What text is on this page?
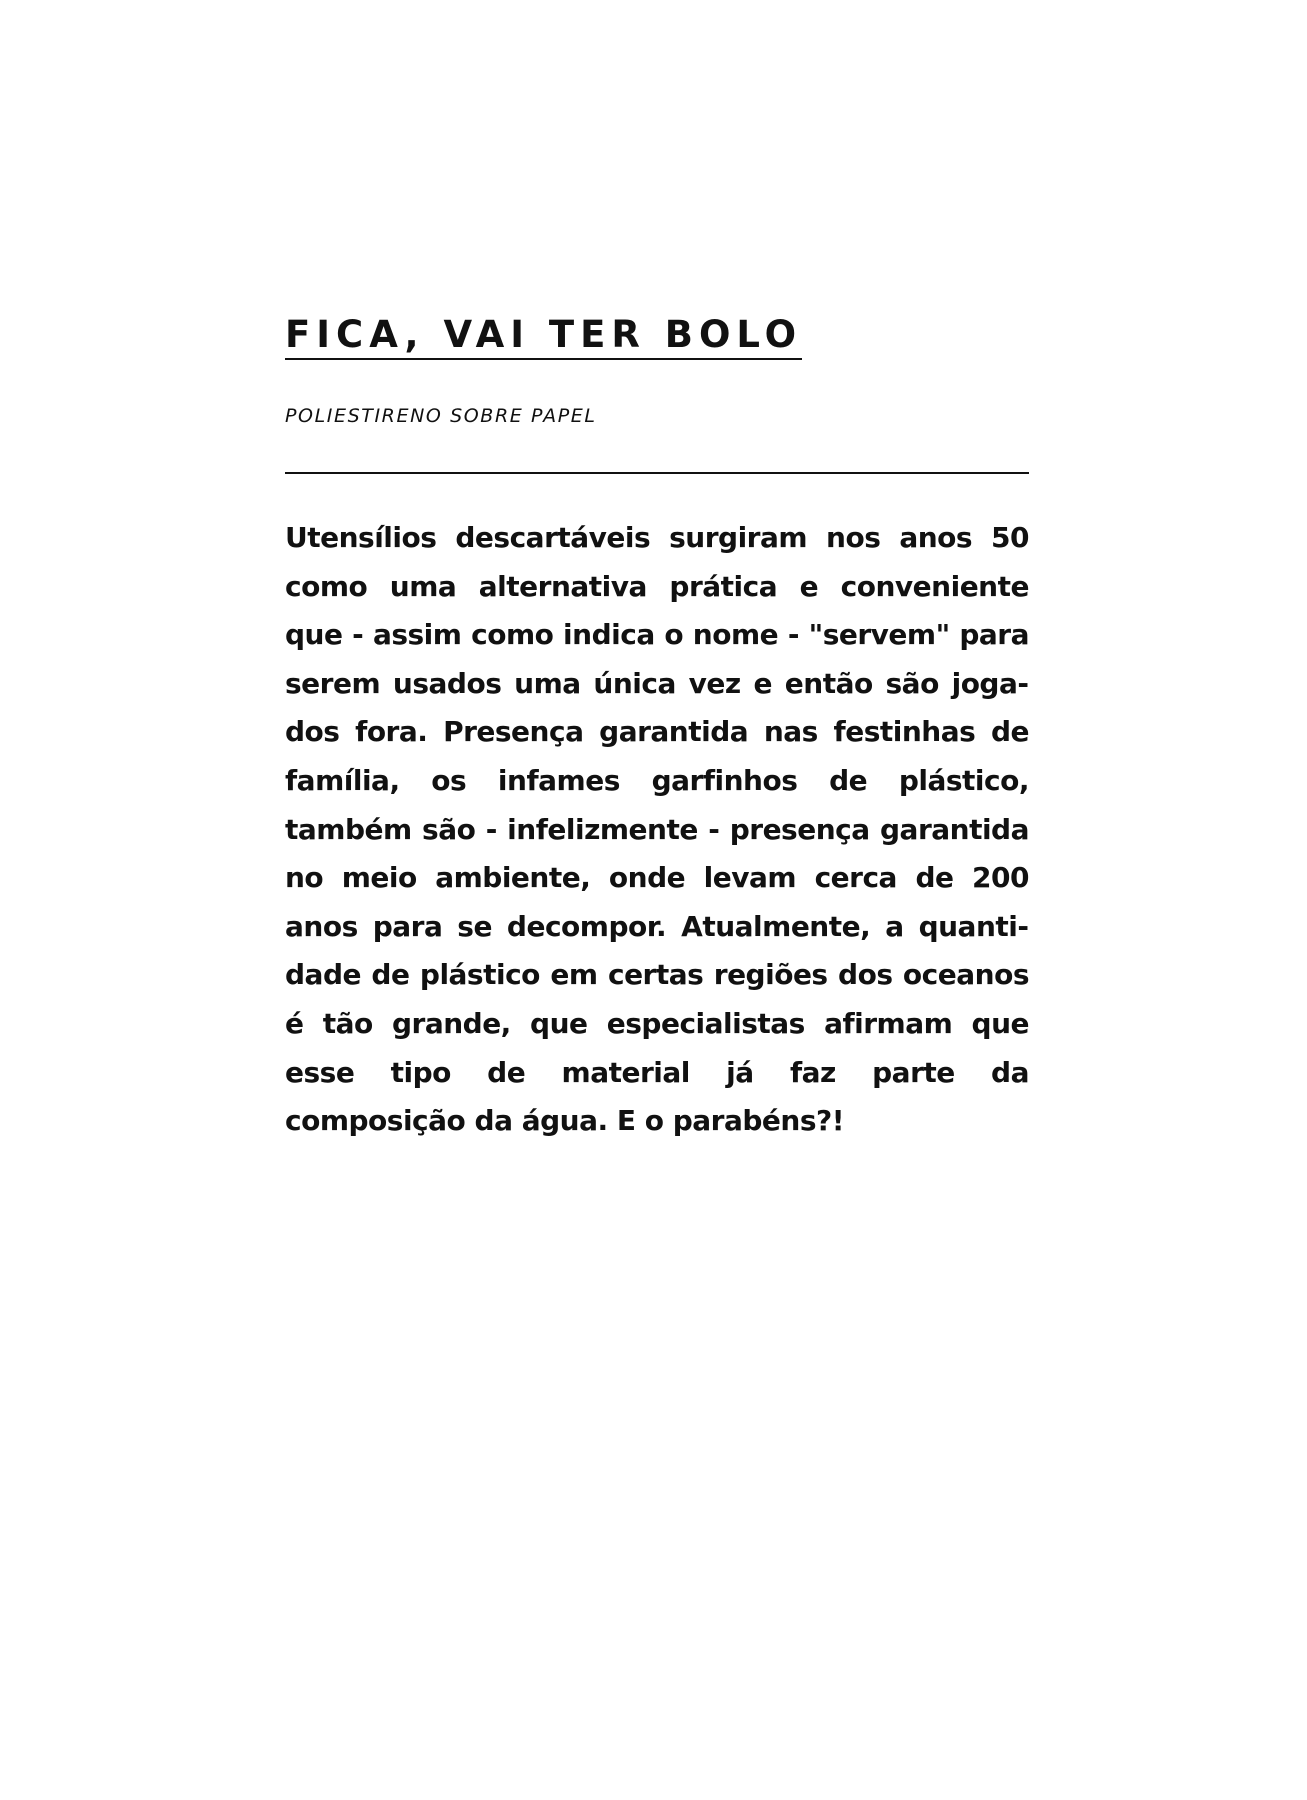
FICA, VAI TER BOLO
POLIESTIRENO SOBRE PAPEL

Utensílios descartáveis surgiram nos anos 50 como uma alternativa prática e conveniente que - assim como indica o nome - "servem" para serem usados uma única vez e então são jogados fora. Presença garantida nas festinhas de família, os infames garfinhos de plástico, também são - infelizmente - presença garantida no meio ambiente, onde levam cerca de 200 anos para se decompor. Atualmente, a quantidade de plástico em certas regiões dos oceanos é tão grande, que especialistas afirmam que esse tipo de material já faz parte da composição da água. E o parabéns?!
